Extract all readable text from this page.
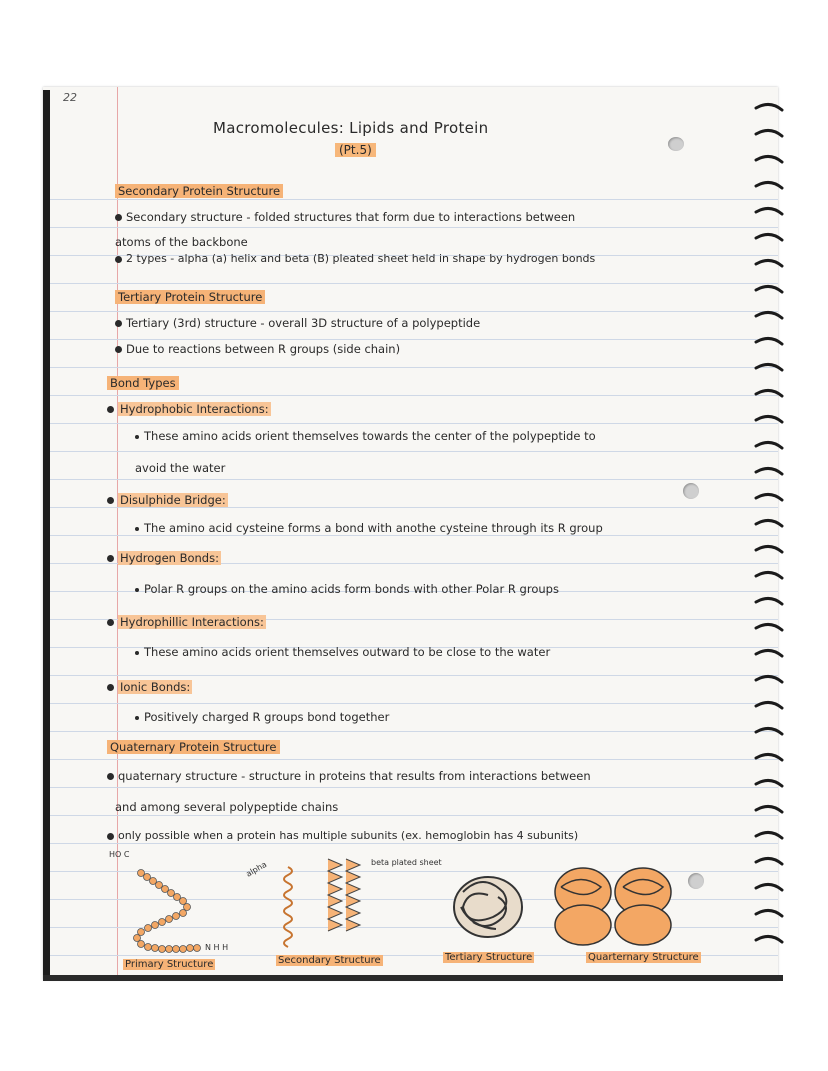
22
Macromolecules: Lipids and Protein
(Pt.5)
Secondary Protein Structure
Secondary structure - folded structures that form due to interactions between
atoms of the backbone
2 types - alpha (a) helix and beta (B) pleated sheet held in shape by hydrogen bonds
Tertiary Protein Structure
Tertiary (3rd) structure - overall 3D structure of a polypeptide
Due to reactions between R groups (side chain)
Bond Types
Hydrophobic Interactions:
These amino acids orient themselves towards the center of the polypeptide to
avoid the water
Disulphide Bridge:
The amino acid cysteine forms a bond with anothe cysteine through its R group
Hydrogen Bonds:
Polar R groups on the amino acids form bonds with other Polar R groups
Hydrophillic Interactions:
These amino acids orient themselves outward to be close to the water
Ionic Bonds:
Positively charged R groups bond together
Quaternary Protein Structure
quaternary structure - structure in proteins that results from interactions between
and among several polypeptide chains
only possible when a protein has multiple subunits (ex. hemoglobin has 4 subunits)
HO C
N H H
alpha	beta plated sheet
Primary Structure	Secondary Structure	Tertiary Structure	Quarternary Structure
